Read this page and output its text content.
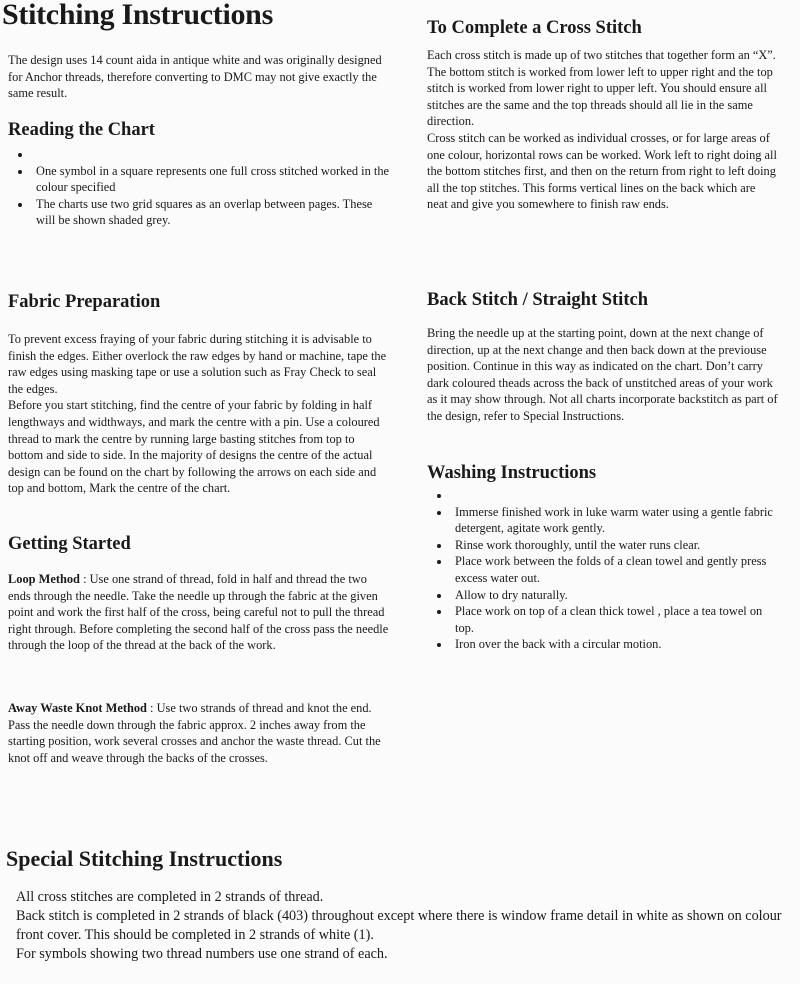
Stitching Instructions

The design uses 14 count aida in antique white and was originally designed for Anchor threads, therefore converting to DMC may not give exactly the same result.

Reading the Chart
•
• One symbol in a square represents one full cross stitched worked in the colour specified
• The charts use two grid squares as an overlap between pages. These will be shown shaded grey.
Fabric Preparation

To prevent excess fraying of your fabric during stitching it is advisable to finish the edges. Either overlock the raw edges by hand or machine, tape the raw edges using masking tape or use a solution such as Fray Check to seal the edges.

Before you start stitching, find the centre of your fabric by folding in half lengthways and widthways, and mark the centre with a pin. Use a coloured thread to mark the centre by running large basting stitches from top to bottom and side to side. In the majority of designs the centre of the actual design can be found on the chart by following the arrows on each side and top and bottom, Mark the centre of the chart.

Getting Started

Loop Method : Use one strand of thread, fold in half and thread the two ends through the needle. Take the needle up through the fabric at the given point and work the first half of the cross, being careful not to pull the thread right through. Before completing the second half of the cross pass the needle through the loop of the thread at the back of the work.

Away Waste Knot Method : Use two strands of thread and knot the end. Pass the needle down through the fabric approx. 2 inches away from the starting position, work several crosses and anchor the waste thread. Cut the knot off and weave through the backs of the crosses.

To Complete a Cross Stitch

Each cross stitch is made up of two stitches that together form an “X”. The bottom stitch is worked from lower left to upper right and the top stitch is worked from lower right to upper left. You should ensure all stitches are the same and the top threads should all lie in the same direction.

Cross stitch can be worked as individual crosses, or for large areas of one colour, horizontal rows can be worked. Work left to right doing all the bottom stitches first, and then on the return from right to left doing all the top stitches. This forms vertical lines on the back which are neat and give you somewhere to finish raw ends.

Back Stitch / Straight Stitch

Bring the needle up at the starting point, down at the next change of direction, up at the next change and then back down at the previouse position. Continue in this way as indicated on the chart. Don’t carry dark coloured theads across the back of unstitched areas of your work as it may show through. Not all charts incorporate backstitch as part of the design, refer to Special Instructions.

Washing Instructions
•
• Immerse finished work in luke warm water using a gentle fabric detergent, agitate work gently.
• Rinse work thoroughly, until the water runs clear.
• Place work between the folds of a clean towel and gently press excess water out.
• Allow to dry naturally.
• Place work on top of a clean thick towel , place a tea towel on top.
• Iron over the back with a circular motion.
Special Stitching Instructions

All cross stitches are completed in 2 strands of thread.

Back stitch is completed in 2 strands of black (403) throughout except where there is window frame detail in white as shown on colour front cover. This should be completed in 2 strands of white (1).

For symbols showing two thread numbers use one strand of each.
